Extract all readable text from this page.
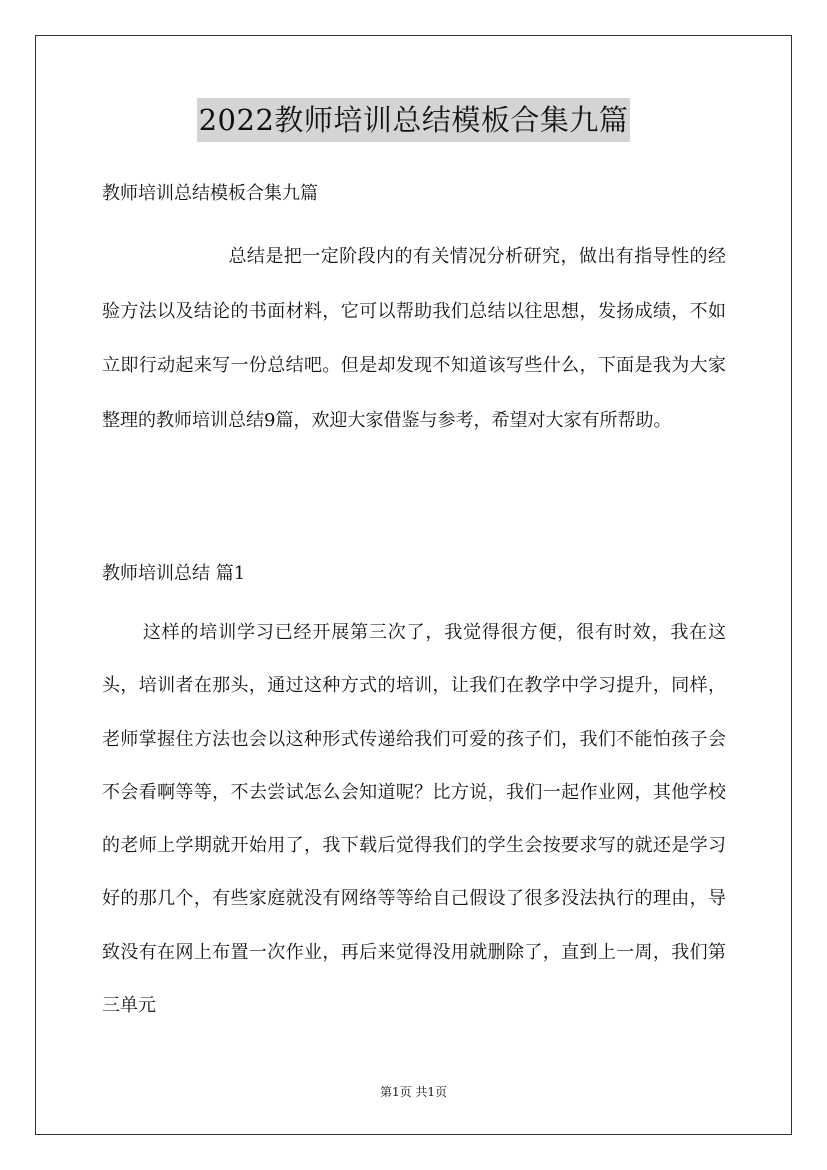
2022教师培训总结模板合集九篇
教师培训总结模板合集九篇
总结是把一定阶段内的有关情况分析研究，做出有指导性的经验方法以及结论的书面材料，它可以帮助我们总结以往思想，发扬成绩，不如立即行动起来写一份总结吧。但是却发现不知道该写些什么，下面是我为大家整理的教师培训总结9篇，欢迎大家借鉴与参考，希望对大家有所帮助。
教师培训总结 篇1
这样的培训学习已经开展第三次了，我觉得很方便，很有时效，我在这头，培训者在那头，通过这种方式的培训，让我们在教学中学习提升，同样，老师掌握住方法也会以这种形式传递给我们可爱的孩子们，我们不能怕孩子会不会看啊等等，不去尝试怎么会知道呢？比方说，我们一起作业网，其他学校的老师上学期就开始用了，我下载后觉得我们的学生会按要求写的就还是学习好的那几个，有些家庭就没有网络等等给自己假设了很多没法执行的理由，导致没有在网上布置一次作业，再后来觉得没用就删除了，直到上一周，我们第三单元
第1页 共1页
